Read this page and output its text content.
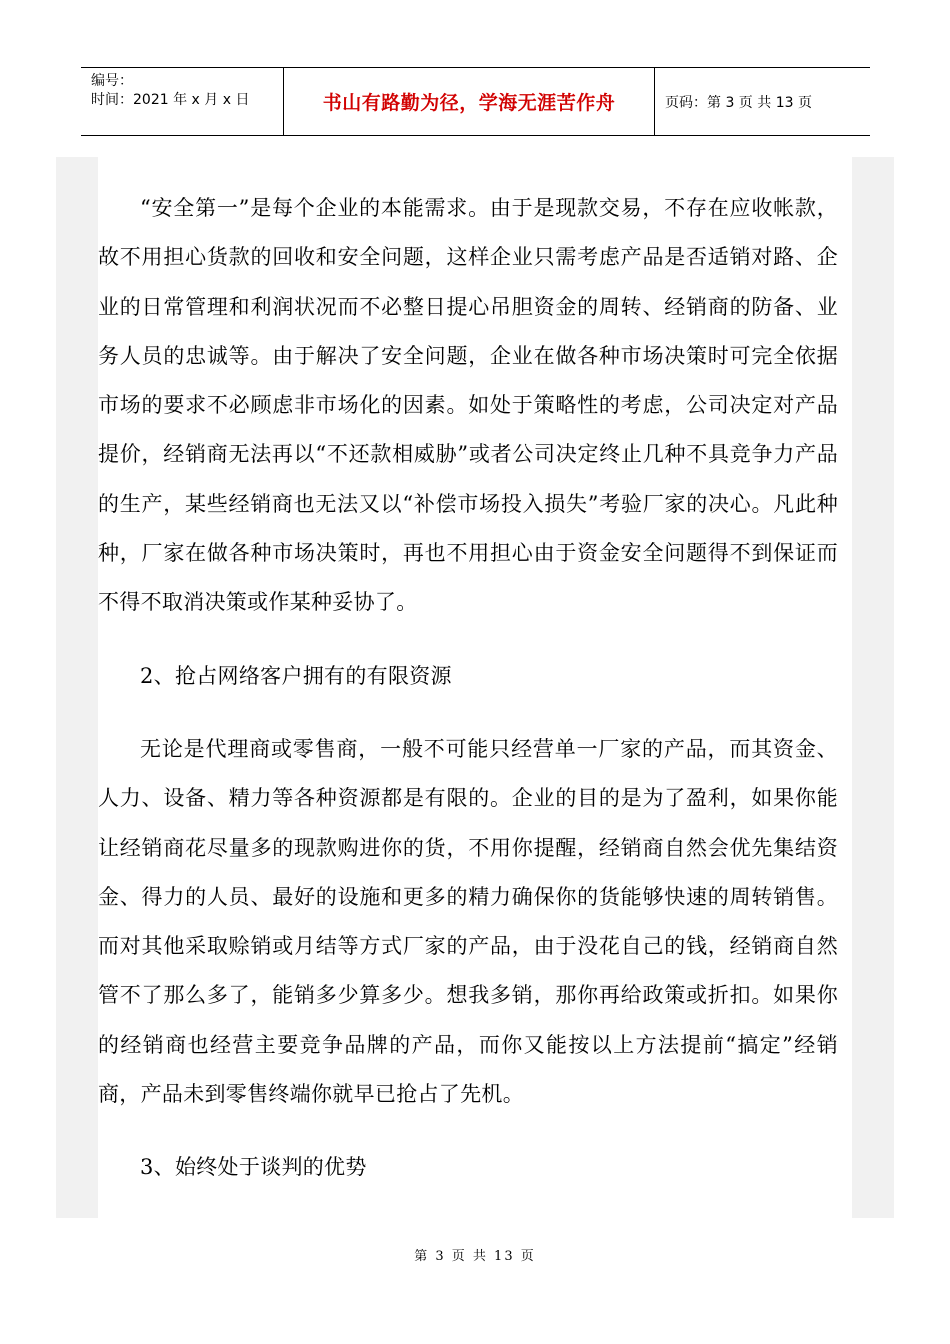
编号：
时间：2021 年 x 月 x 日	书山有路勤为径，学海无涯苦作舟	页码：第 3 页 共 13 页

“安全第一”是每个企业的本能需求。由于是现款交易，不存在应收帐款，故不用担心货款的回收和安全问题，这样企业只需考虑产品是否适销对路、企业的日常管理和利润状况而不必整日提心吊胆资金的周转、经销商的防备、业务人员的忠诚等。由于解决了安全问题，企业在做各种市场决策时可完全依据市场的要求不必顾虑非市场化的因素。如处于策略性的考虑，公司决定对产品提价，经销商无法再以“不还款相威胁”或者公司决定终止几种不具竞争力产品的生产，某些经销商也无法又以“补偿市场投入损失”考验厂家的决心。凡此种种，厂家在做各种市场决策时，再也不用担心由于资金安全问题得不到保证而不得不取消决策或作某种妥协了。

2、抢占网络客户拥有的有限资源

无论是代理商或零售商，一般不可能只经营单一厂家的产品，而其资金、人力、设备、精力等各种资源都是有限的。企业的目的是为了盈利，如果你能让经销商花尽量多的现款购进你的货，不用你提醒，经销商自然会优先集结资金、得力的人员、最好的设施和更多的精力确保你的货能够快速的周转销售。而对其他采取赊销或月结等方式厂家的产品，由于没花自己的钱，经销商自然管不了那么多了，能销多少算多少。想我多销，那你再给政策或折扣。如果你的经销商也经营主要竞争品牌的产品，而你又能按以上方法提前“搞定”经销商，产品未到零售终端你就早已抢占了先机。

3、始终处于谈判的优势

第 3 页 共 13 页
